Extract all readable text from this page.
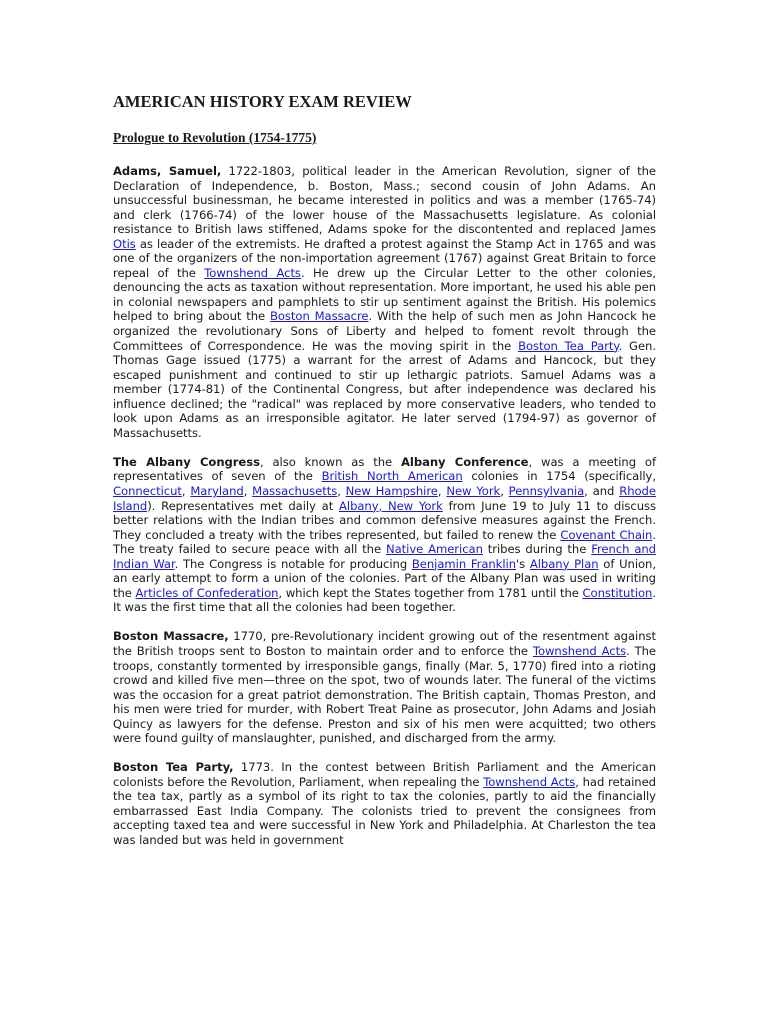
AMERICAN HISTORY EXAM REVIEW
Prologue to Revolution (1754-1775)

Adams, Samuel, 1722-1803, political leader in the American Revolution, signer of the Declaration of Independence, b. Boston, Mass.; second cousin of John Adams. An unsuccessful businessman, he became interested in politics and was a member (1765-74) and clerk (1766-74) of the lower house of the Massachusetts legislature. As colonial resistance to British laws stiffened, Adams spoke for the discontented and replaced James Otis as leader of the extremists. He drafted a protest against the Stamp Act in 1765 and was one of the organizers of the non-importation agreement (1767) against Great Britain to force repeal of the Townshend Acts. He drew up the Circular Letter to the other colonies, denouncing the acts as taxation without representation. More important, he used his able pen in colonial newspapers and pamphlets to stir up sentiment against the British. His polemics helped to bring about the Boston Massacre. With the help of such men as John Hancock he organized the revolutionary Sons of Liberty and helped to foment revolt through the Committees of Correspondence. He was the moving spirit in the Boston Tea Party. Gen. Thomas Gage issued (1775) a warrant for the arrest of Adams and Hancock, but they escaped punishment and continued to stir up lethargic patriots. Samuel Adams was a member (1774-81) of the Continental Congress, but after independence was declared his influence declined; the "radical" was replaced by more conservative leaders, who tended to look upon Adams as an irresponsible agitator. He later served (1794-97) as governor of Massachusetts.

The Albany Congress, also known as the Albany Conference, was a meeting of representatives of seven of the British North American colonies in 1754 (specifically, Connecticut, Maryland, Massachusetts, New Hampshire, New York, Pennsylvania, and Rhode Island). Representatives met daily at Albany, New York from June 19 to July 11 to discuss better relations with the Indian tribes and common defensive measures against the French. They concluded a treaty with the tribes represented, but failed to renew the Covenant Chain. The treaty failed to secure peace with all the Native American tribes during the French and Indian War. The Congress is notable for producing Benjamin Franklin's Albany Plan of Union, an early attempt to form a union of the colonies. Part of the Albany Plan was used in writing the Articles of Confederation, which kept the States together from 1781 until the Constitution. It was the first time that all the colonies had been together.

Boston Massacre, 1770, pre-Revolutionary incident growing out of the resentment against the British troops sent to Boston to maintain order and to enforce the Townshend Acts. The troops, constantly tormented by irresponsible gangs, finally (Mar. 5, 1770) fired into a rioting crowd and killed five men—three on the spot, two of wounds later. The funeral of the victims was the occasion for a great patriot demonstration. The British captain, Thomas Preston, and his men were tried for murder, with Robert Treat Paine as prosecutor, John Adams and Josiah Quincy as lawyers for the defense. Preston and six of his men were acquitted; two others were found guilty of manslaughter, punished, and discharged from the army.

Boston Tea Party, 1773. In the contest between British Parliament and the American colonists before the Revolution, Parliament, when repealing the Townshend Acts, had retained the tea tax, partly as a symbol of its right to tax the colonies, partly to aid the financially embarrassed East India Company. The colonists tried to prevent the consignees from accepting taxed tea and were successful in New York and Philadelphia. At Charleston the tea was landed but was held in government
